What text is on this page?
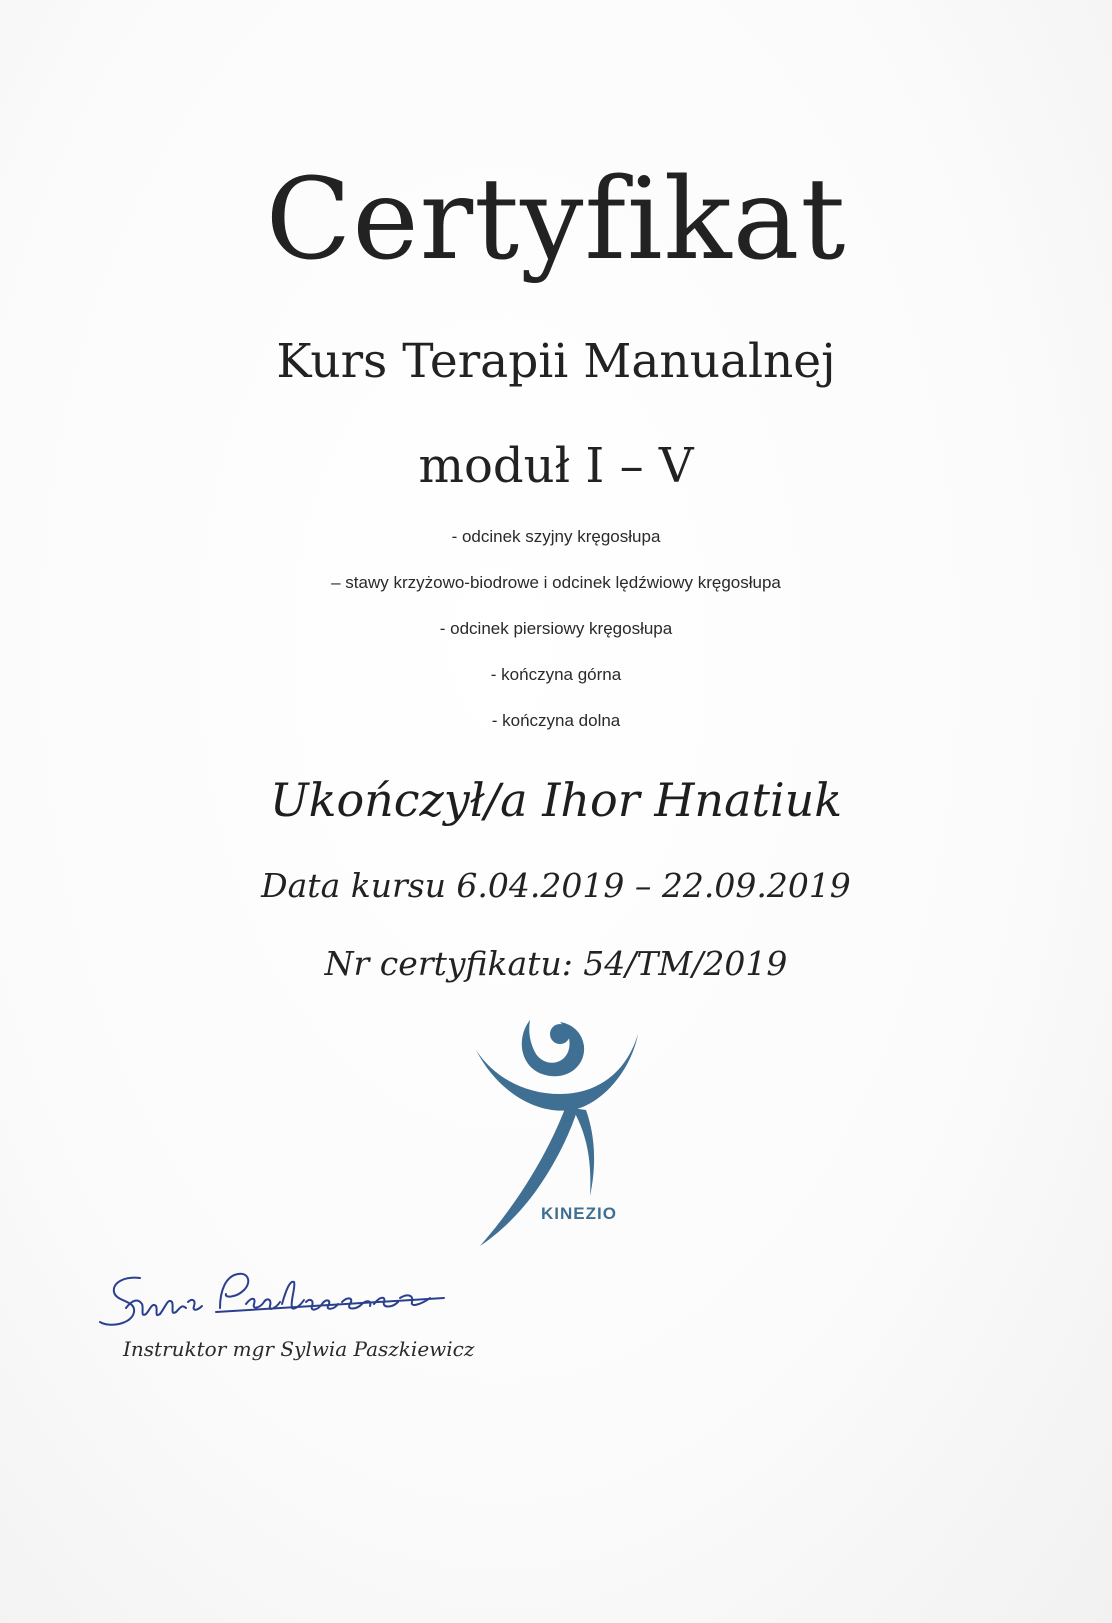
Certyfikat
Kurs Terapii Manualnej
moduł I – V
- odcinek szyjny kręgosłupa
– stawy krzyżowo-biodrowe i odcinek lędźwiowy kręgosłupa
- odcinek piersiowy kręgosłupa
- kończyna górna
- kończyna dolna
Ukończył/a Ihor Hnatiuk
Data kursu 6.04.2019 – 22.09.2019
Nr certyfikatu: 54/TM/2019
KINEZIO
Instruktor mgr Sylwia Paszkiewicz
